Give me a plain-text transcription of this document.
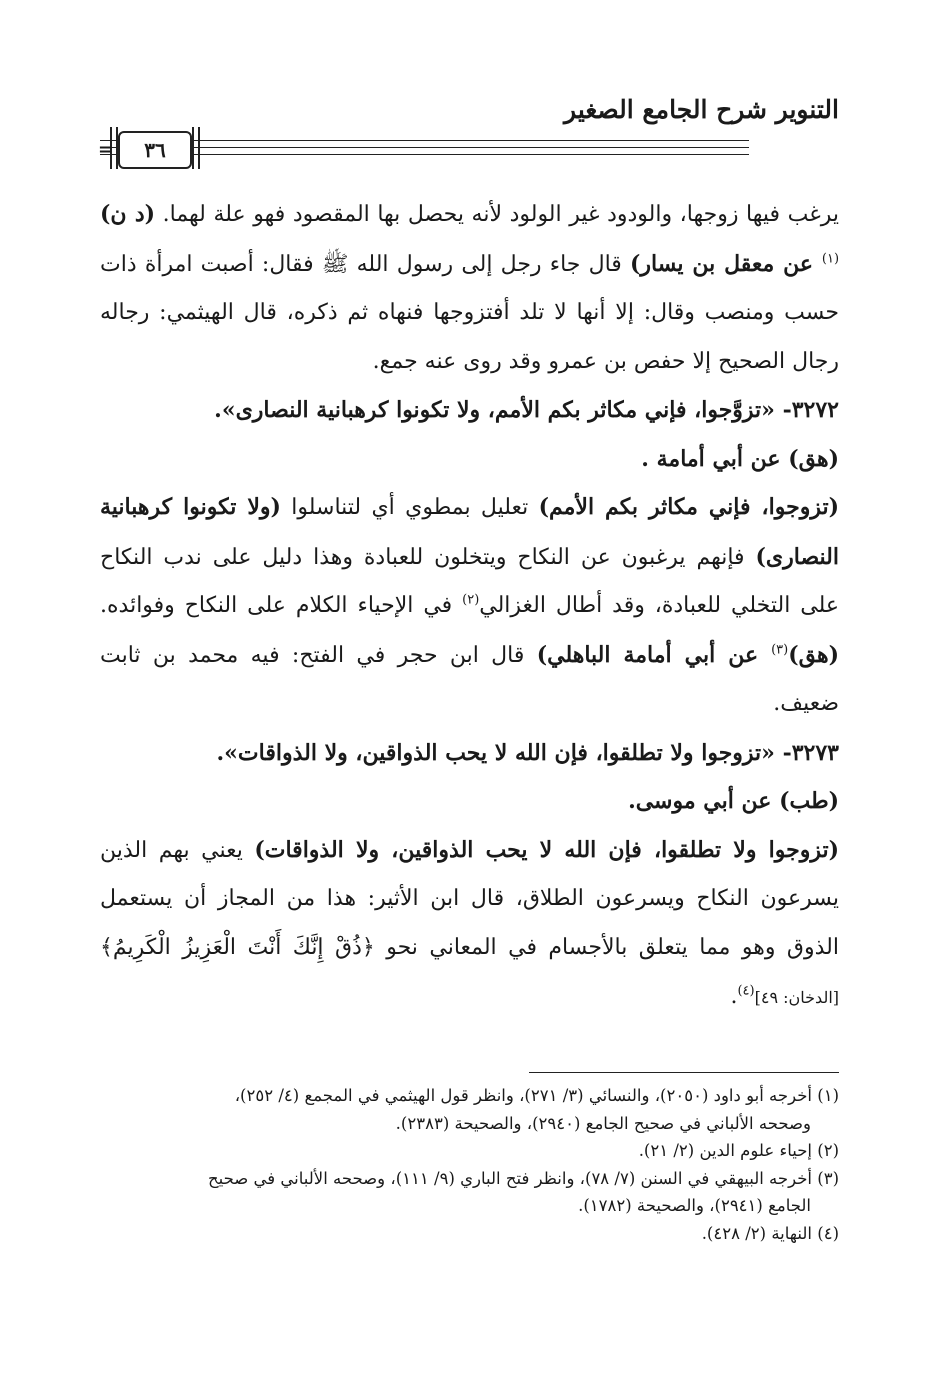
التنوير شرح الجامع الصغير
٣٦
=

يرغب فيها زوجها، والودود غير الولود لأنه يحصل بها المقصود فهو علة لهما. (د ن)$^{(١)}$ عن معقل بن يسار) قال جاء رجل إلى رسول الله ﷺ فقال: أصبت امرأة ذات حسب ومنصب وقال: إلا أنها لا تلد أفتزوجها فنهاه ثم ذكره، قال الهيثمي: رجاله رجال الصحيح إلا حفص بن عمرو وقد روى عنه جمع.

٣٢٧٢- «تزوَّجوا، فإني مكاثر بكم الأمم، ولا تكونوا كرهبانية النصارى».

(هق) عن أبي أمامة .

(تزوجوا، فإني مكاثر بكم الأمم) تعليل بمطوي أي لتناسلوا (ولا تكونوا كرهبانية النصارى) فإنهم يرغبون عن النكاح ويتخلون للعبادة وهذا دليل على ندب النكاح على التخلي للعبادة، وقد أطال الغزالي$^{(٢)}$ في الإحياء الكلام على النكاح وفوائده. (هق)$^{(٣)}$ عن أبي أمامة الباهلي) قال ابن حجر في الفتح: فيه محمد بن ثابت ضعيف.

٣٢٧٣- «تزوجوا ولا تطلقوا، فإن الله لا يحب الذواقين، ولا الذواقات».

(طب) عن أبي موسى.

(تزوجوا ولا تطلقوا، فإن الله لا يحب الذواقين، ولا الذواقات) يعني بهم الذين يسرعون النكاح ويسرعون الطلاق، قال ابن الأثير: هذا من المجاز أن يستعمل الذوق وهو مما يتعلق بالأجسام في المعاني نحو ﴿ذُقْ إِنَّكَ أَنْتَ الْعَزِيزُ الْكَرِيمُ﴾ [الدخان: ٤٩]$^{(٤)}$.

(١) أخرجه أبو داود (٢٠٥٠)، والنسائي (٣/ ٢٧١)، وانظر قول الهيثمي في المجمع (٤/ ٢٥٢)،

وصححه الألباني في صحيح الجامع (٢٩٤٠)، والصحيحة (٢٣٨٣).

(٢) إحياء علوم الدين (٢/ ٢١).

(٣) أخرجه البيهقي في السنن (٧/ ٧٨)، وانظر فتح الباري (٩/ ١١١)، وصححه الألباني في صحيح

الجامع (٢٩٤١)، والصحيحة (١٧٨٢).

(٤) النهاية (٢/ ٤٢٨).
